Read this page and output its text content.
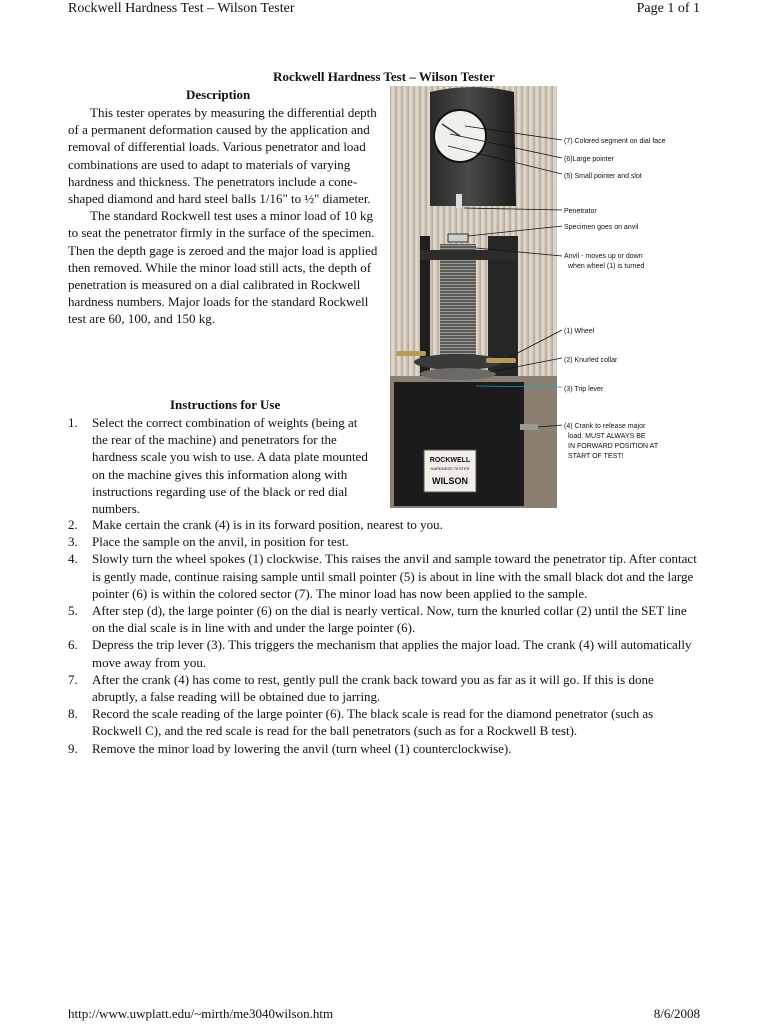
Rockwell Hardness Test – Wilson Tester	Page 1 of 1
Rockwell Hardness Test – Wilson Tester
Description

This tester operates by measuring the differential depth of a permanent deformation caused by the application and removal of differential loads. Various penetrator and load combinations are used to adapt to materials of varying hardness and thickness. The penetrators include a cone-shaped diamond and hard steel balls 1/16" to ½" diameter.

The standard Rockwell test uses a minor load of 10 kg to seat the penetrator firmly in the surface of the specimen. Then the depth gage is zeroed and the major load is applied then removed. While the minor load still acts, the depth of penetration is measured on a dial calibrated in Rockwell hardness numbers. Major loads for the standard Rockwell test are 60, 100, and 150 kg.

Instructions for Use
1. Select the correct combination of weights (being at the rear of the machine) and penetrators for the hardness scale you wish to use. A data plate mounted on the machine gives this information along with instructions regarding use of the black or red dial numbers.
2. Make certain the crank (4) is in its forward position, nearest to you.
3. Place the sample on the anvil, in position for test.
4. Slowly turn the wheel spokes (1) clockwise. This raises the anvil and sample toward the penetrator tip. After contact is gently made, continue raising sample until small pointer (5) is about in line with the small black dot and the large pointer (6) is within the colored sector (7). The minor load has now been applied to the sample.
5. After step (d), the large pointer (6) on the dial is nearly vertical. Now, turn the knurled collar (2) until the SET line on the dial scale is in line with and under the large pointer (6).
6. Depress the trip lever (3). This triggers the mechanism that applies the major load. The crank (4) will automatically move away from you.
7. After the crank (4) has come to rest, gently pull the crank back toward you as far as it will go. If this is done abruptly, a false reading will be obtained due to jarring.
8. Record the scale reading of the large pointer (6). The black scale is read for the diamond penetrator (such as Rockwell C), and the red scale is read for the ball penetrators (such as for a Rockwell B test).
9. Remove the minor load by lowering the anvil (turn wheel (1) counterclockwise).
ROCKWELL
HARDNESS TESTER
WILSON
(7) Colored segment on dial face
(6)Large pointer
(5) Small pointer and slot
Penetrator
Specimen goes on anvil
Anvil - moves up or down
when wheel (1) is turned
(1) Wheel
(2) Knurled collar
(3) Trip lever
(4) Crank to release major
load. MUST ALWAYS BE
IN FORWARD POSITION AT
START OF TEST!
http://www.uwplatt.edu/~mirth/me3040wilson.htm	8/6/2008
